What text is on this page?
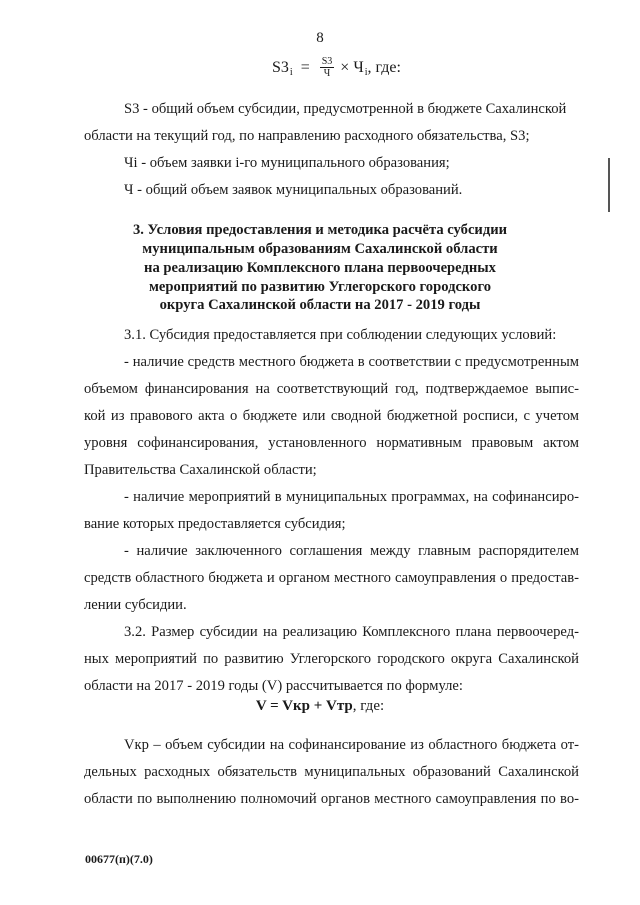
8
S3 $i = \frac{S3}{Ч} \times Ч$ i , где:
S3 - общий объем субсидии, предусмотренной в бюджете Сахалинской
области на текущий год, по направлению расходного обязательства, S3;
Чi - объем заявки i-го муниципального образования;
Ч - общий объем заявок муниципальных образований.
3. Условия предоставления и методика расчёта субсидии
муниципальным образованиям Сахалинской области
на реализацию Комплексного плана первоочередных
мероприятий по развитию Углегорского городского
округа Сахалинской области на 2017 - 2019 годы
3.1. Субсидия предоставляется при соблюдении следующих условий:
- наличие средств местного бюджета в соответствии с предусмотренным
объемом финансирования на соответствующий год, подтверждаемое выпис-
кой из правового акта о бюджете или сводной бюджетной росписи, с учетом
уровня софинансирования, установленного нормативным правовым актом
Правительства Сахалинской области;
- наличие мероприятий в муниципальных программах, на софинансиро-
вание которых предоставляется субсидия;
- наличие заключенного соглашения между главным распорядителем
средств областного бюджета и органом местного самоуправления о предостав-
лении субсидии.
3.2. Размер субсидии на реализацию Комплексного плана первоочеред-
ных мероприятий по развитию Углегорского городского округа Сахалинской
области на 2017 - 2019 годы (V) рассчитывается по формуле:
V = Vкр + Vтр, где:
Vкр – объем субсидии на софинансирование из областного бюджета от-
дельных расходных обязательств муниципальных образований Сахалинской
области по выполнению полномочий органов местного самоуправления по во-
00677(п)(7.0)
